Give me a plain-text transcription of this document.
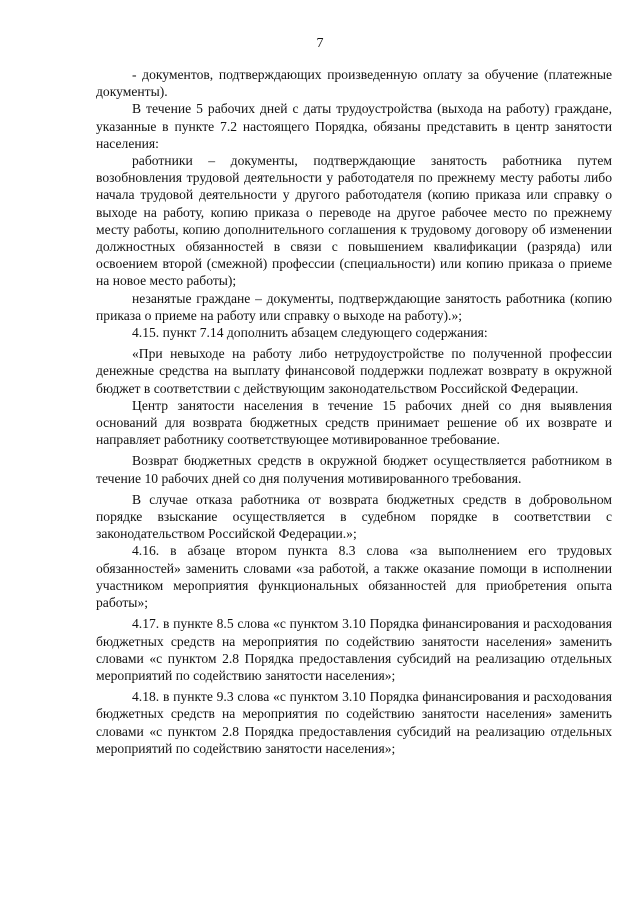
7

- документов, подтверждающих произведенную оплату за обучение (платежные документы).

В течение 5 рабочих дней с даты трудоустройства (выхода на работу) граждане, указанные в пункте 7.2 настоящего Порядка, обязаны представить в центр занятости населения:

работники – документы, подтверждающие занятость работника путем возобновления трудовой деятельности у работодателя по прежнему месту работы либо начала трудовой деятельности у другого работодателя (копию приказа или справку о выходе на работу, копию приказа о переводе на другое рабочее место по прежнему месту работы, копию дополнительного соглашения к трудовому договору об изменении должностных обязанностей в связи с повышением квалификации (разряда) или освоением второй (смежной) профессии (специальности) или копию приказа о приеме на новое место работы);

незанятые граждане – документы, подтверждающие занятость работника (копию приказа о приеме на работу или справку о выходе на работу).»;

4.15. пункт 7.14 дополнить абзацем следующего содержания:

«При невыходе на работу либо нетрудоустройстве по полученной профессии денежные средства на выплату финансовой поддержки подлежат возврату в окружной бюджет в соответствии с действующим законодательством Российской Федерации.

Центр занятости населения в течение 15 рабочих дней со дня выявления оснований для возврата бюджетных средств принимает решение об их возврате и направляет работнику соответствующее мотивированное требование.

Возврат бюджетных средств в окружной бюджет осуществляется работником в течение 10 рабочих дней со дня получения мотивированного требования.

В случае отказа работника от возврата бюджетных средств в добровольном порядке взыскание осуществляется в судебном порядке в соответствии с законодательством Российской Федерации.»;

4.16. в абзаце втором пункта 8.3 слова «за выполнением его трудовых обязанностей» заменить словами «за работой, а также оказание помощи в исполнении участником мероприятия функциональных обязанностей для приобретения опыта работы»;

4.17. в пункте 8.5 слова «с пунктом 3.10 Порядка финансирования и расходования бюджетных средств на мероприятия по содействию занятости населения» заменить словами «с пунктом 2.8 Порядка предоставления субсидий на реализацию отдельных мероприятий по содействию занятости населения»;

4.18. в пункте 9.3 слова «с пунктом 3.10 Порядка финансирования и расходования бюджетных средств на мероприятия по содействию занятости населения» заменить словами «с пунктом 2.8 Порядка предоставления субсидий на реализацию отдельных мероприятий по содействию занятости населения»;
